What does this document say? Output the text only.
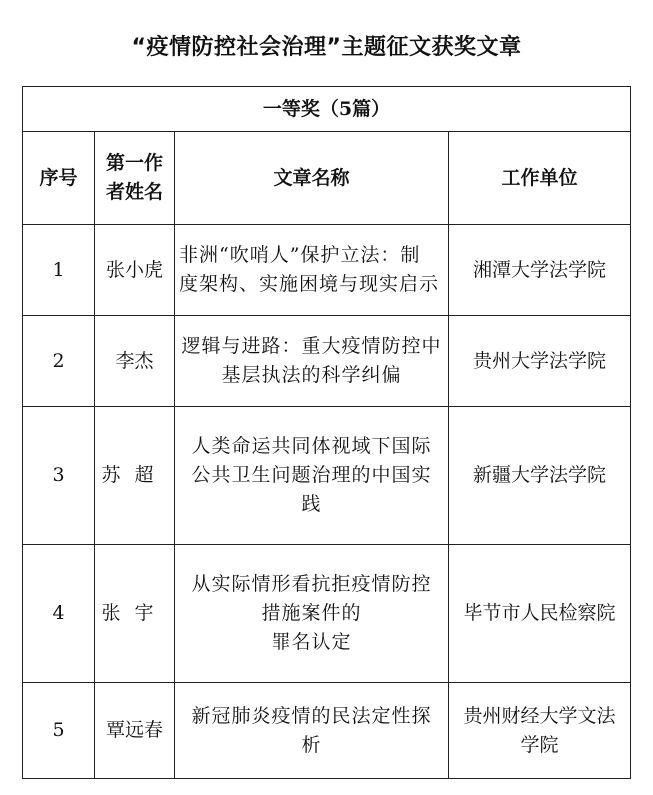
“疫情防控社会治理”主题征文获奖文章
一等奖（5篇）			
序号	第一作
者姓名	文章名称	工作单位
1	张小虎	非洲“吹哨人”保护立法：制
度架构、实施困境与现实启示	湘潭大学法学院
2	李杰	逻辑与进路：重大疫情防控中
基层执法的科学纠偏	贵州大学法学院
3	苏超	人类命运共同体视域下国际
公共卫生问题治理的中国实
践	新疆大学法学院
4	张宇	从实际情形看抗拒疫情防控
措施案件的
罪名认定	毕节市人民检察院
5	覃远春	新冠肺炎疫情的民法定性探
析	贵州财经大学文法
学院
